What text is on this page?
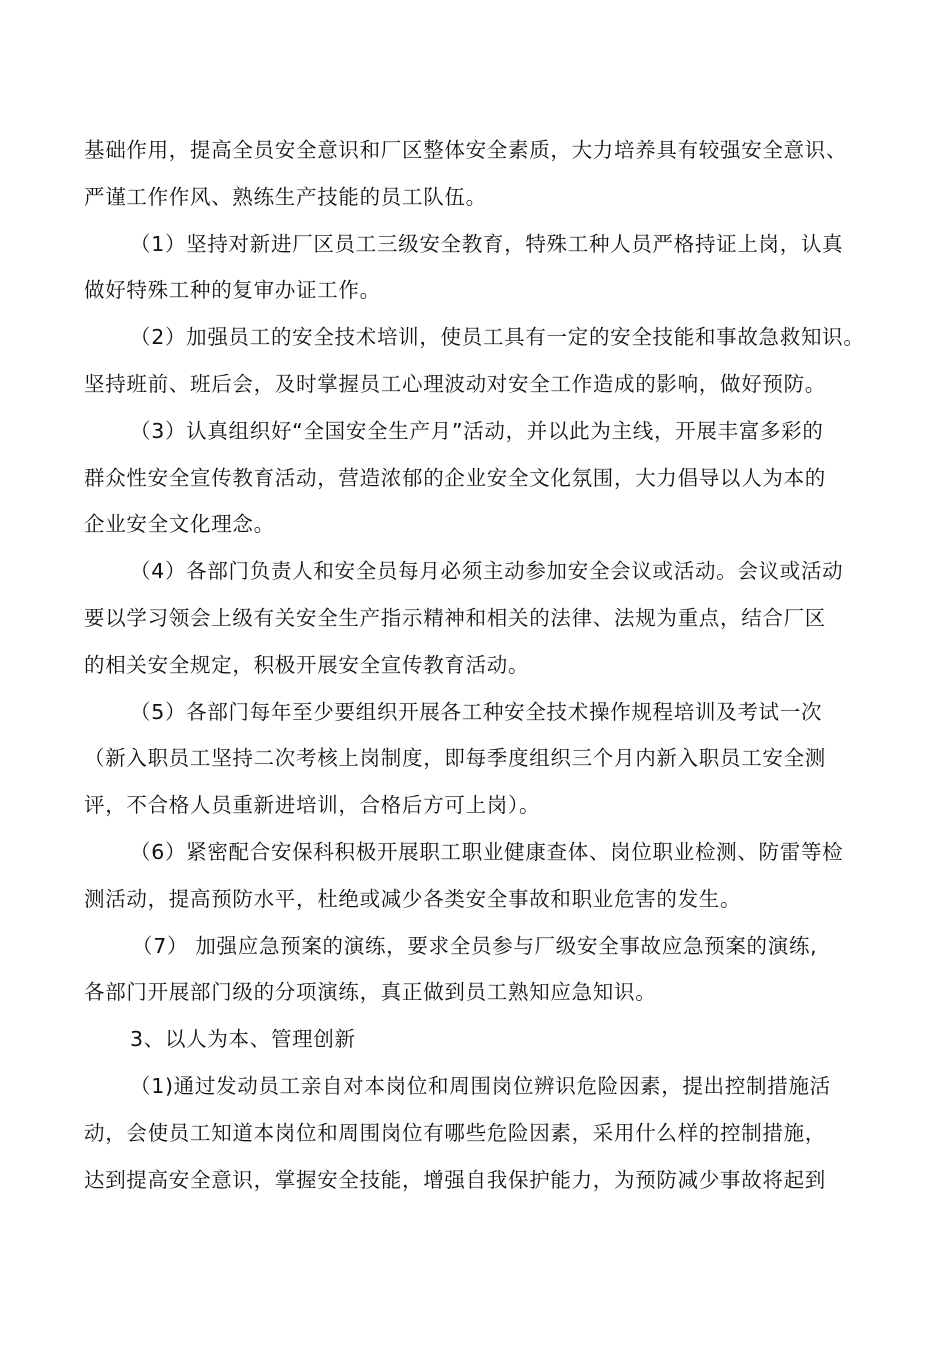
基础作用，提高全员安全意识和厂区整体安全素质，大力培养具有较强安全意识、
严谨工作作风、熟练生产技能的员工队伍。
（1）坚持对新进厂区员工三级安全教育，特殊工种人员严格持证上岗，认真
做好特殊工种的复审办证工作。
（2）加强员工的安全技术培训，使员工具有一定的安全技能和事故急救知识。
坚持班前、班后会，及时掌握员工心理波动对安全工作造成的影响，做好预防。
（3）认真组织好“全国安全生产月”活动，并以此为主线，开展丰富多彩的
群众性安全宣传教育活动，营造浓郁的企业安全文化氛围，大力倡导以人为本的
企业安全文化理念。
（4）各部门负责人和安全员每月必须主动参加安全会议或活动。会议或活动
要以学习领会上级有关安全生产指示精神和相关的法律、法规为重点，结合厂区
的相关安全规定，积极开展安全宣传教育活动。
（5）各部门每年至少要组织开展各工种安全技术操作规程培训及考试一次
（新入职员工坚持二次考核上岗制度，即每季度组织三个月内新入职员工安全测
评，不合格人员重新进培训，合格后方可上岗）。
（6）紧密配合安保科积极开展职工职业健康查体、岗位职业检测、防雷等检
测活动，提高预防水平，杜绝或减少各类安全事故和职业危害的发生。
（7） 加强应急预案的演练，要求全员参与厂级安全事故应急预案的演练,
各部门开展部门级的分项演练，真正做到员工熟知应急知识。
3、以人为本、管理创新
（1)通过发动员工亲自对本岗位和周围岗位辨识危险因素，提出控制措施活
动，会使员工知道本岗位和周围岗位有哪些危险因素，采用什么样的控制措施，
达到提高安全意识，掌握安全技能，增强自我保护能力，为预防减少事故将起到
